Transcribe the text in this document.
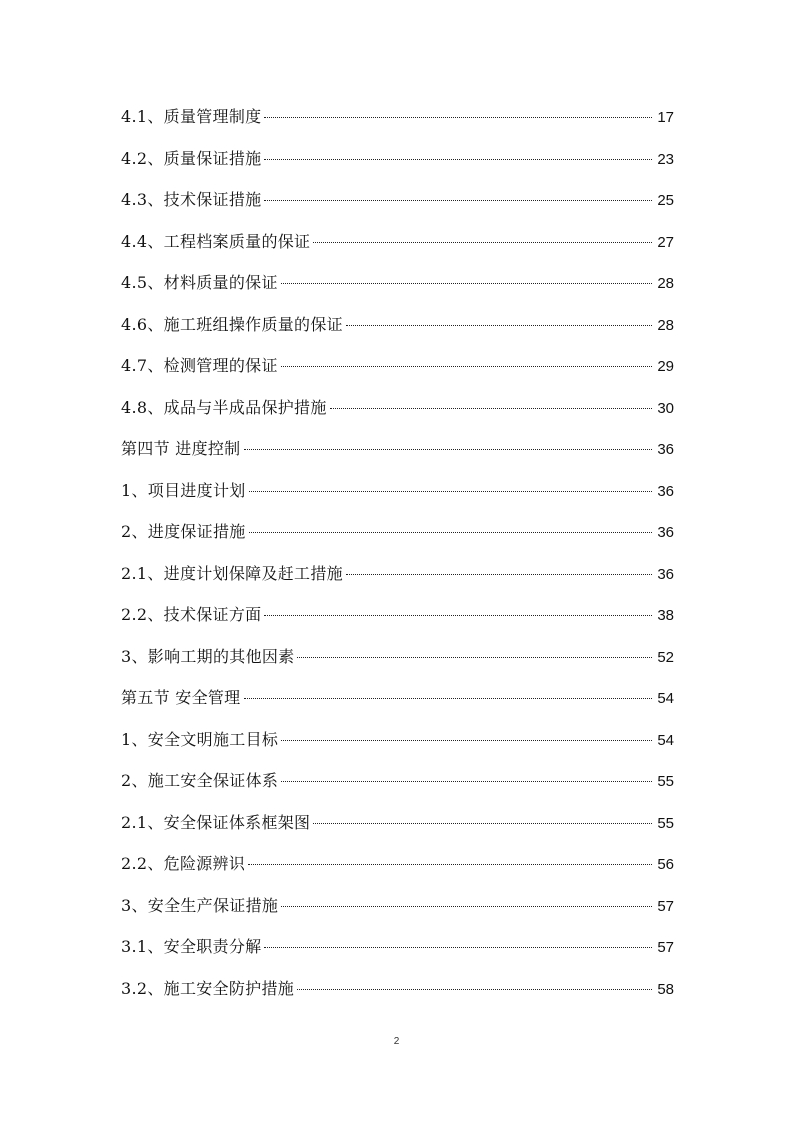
4.1、质量管理制度	17
4.2、质量保证措施	23
4.3、技术保证措施	25
4.4、工程档案质量的保证	27
4.5、材料质量的保证	28
4.6、施工班组操作质量的保证	28
4.7、检测管理的保证	29
4.8、成品与半成品保护措施	30
第四节 进度控制	36
1、项目进度计划	36
2、进度保证措施	36
2.1、进度计划保障及赶工措施	36
2.2、技术保证方面	38
3、影响工期的其他因素	52
第五节 安全管理	54
1、安全文明施工目标	54
2、施工安全保证体系	55
2.1、安全保证体系框架图	55
2.2、危险源辨识	56
3、安全生产保证措施	57
3.1、安全职责分解	57
3.2、施工安全防护措施	58
2
